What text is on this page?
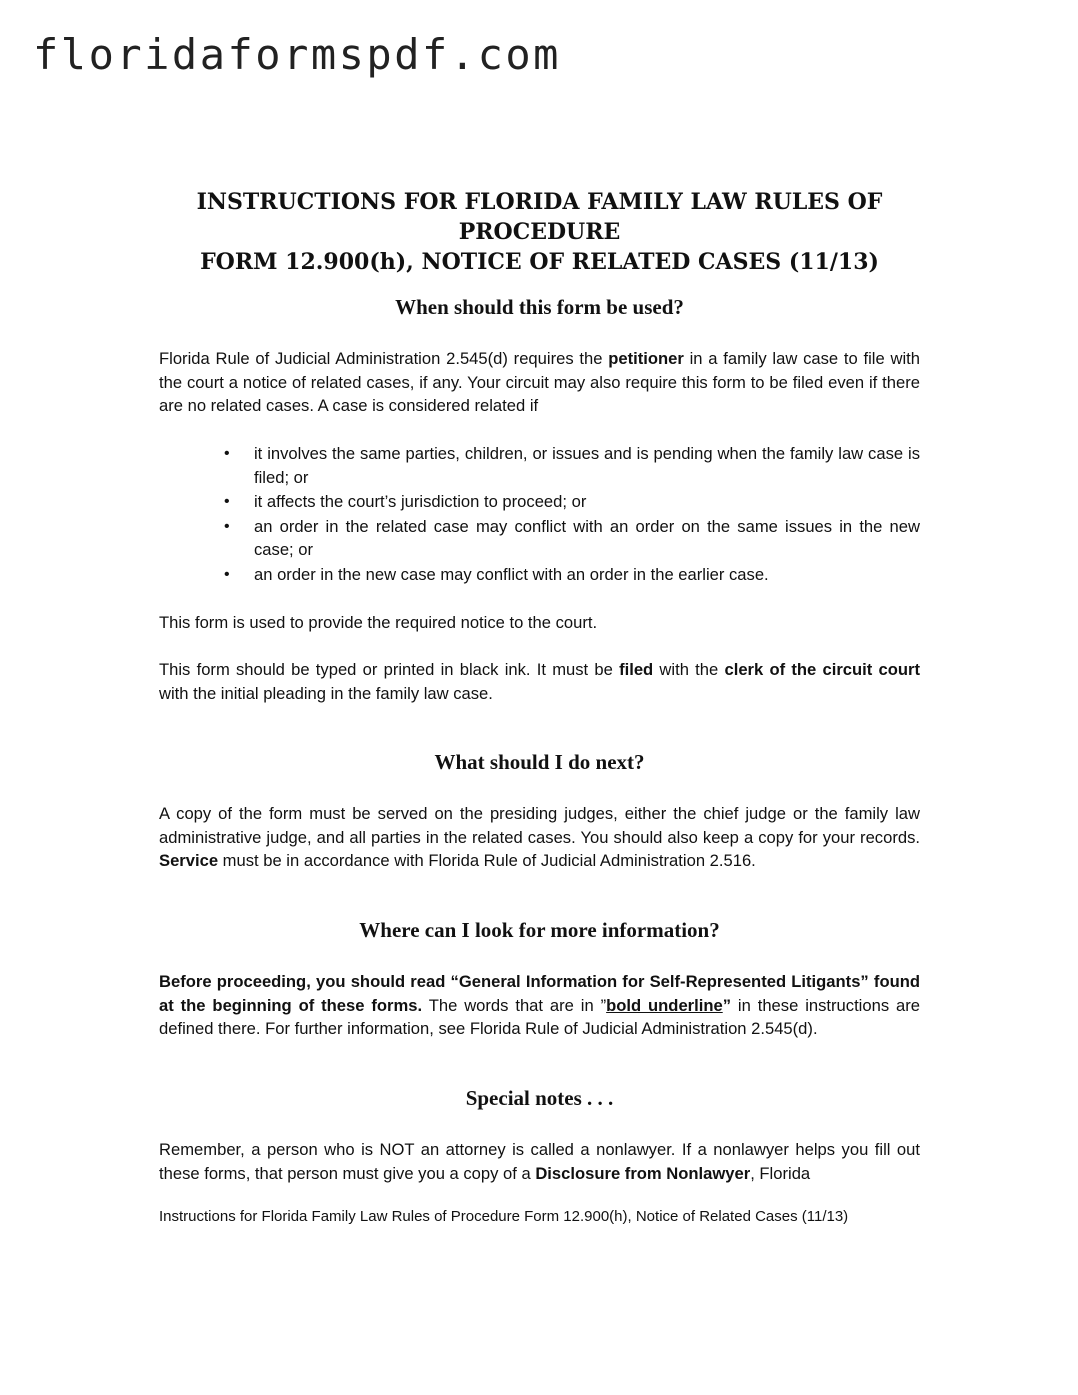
floridaformspdf.com
INSTRUCTIONS FOR FLORIDA FAMILY LAW RULES OF PROCEDURE
FORM 12.900(h), NOTICE OF RELATED CASES (11/13)
When should this form be used?

Florida Rule of Judicial Administration 2.545(d) requires the petitioner in a family law case to file with the court a notice of related cases, if any. Your circuit may also require this form to be filed even if there are no related cases. A case is considered related if

• it involves the same parties, children, or issues and is pending when the family law case is filed; or
• it affects the court’s jurisdiction to proceed; or
• an order in the related case may conflict with an order on the same issues in the new case; or
• an order in the new case may conflict with an order in the earlier case.

This form is used to provide the required notice to the court.

This form should be typed or printed in black ink. It must be filed with the clerk of the circuit court with the initial pleading in the family law case.

What should I do next?

A copy of the form must be served on the presiding judges, either the chief judge or the family law administrative judge, and all parties in the related cases. You should also keep a copy for your records. Service must be in accordance with Florida Rule of Judicial Administration 2.516.

Where can I look for more information?

Before proceeding, you should read “General Information for Self-Represented Litigants” found at the beginning of these forms. The words that are in ”bold underline” in these instructions are defined there. For further information, see Florida Rule of Judicial Administration 2.545(d).

Special notes . . .

Remember, a person who is NOT an attorney is called a nonlawyer. If a nonlawyer helps you fill out these forms, that person must give you a copy of a Disclosure from Nonlawyer, Florida

Instructions for Florida Family Law Rules of Procedure Form 12.900(h), Notice of Related Cases (11/13)
